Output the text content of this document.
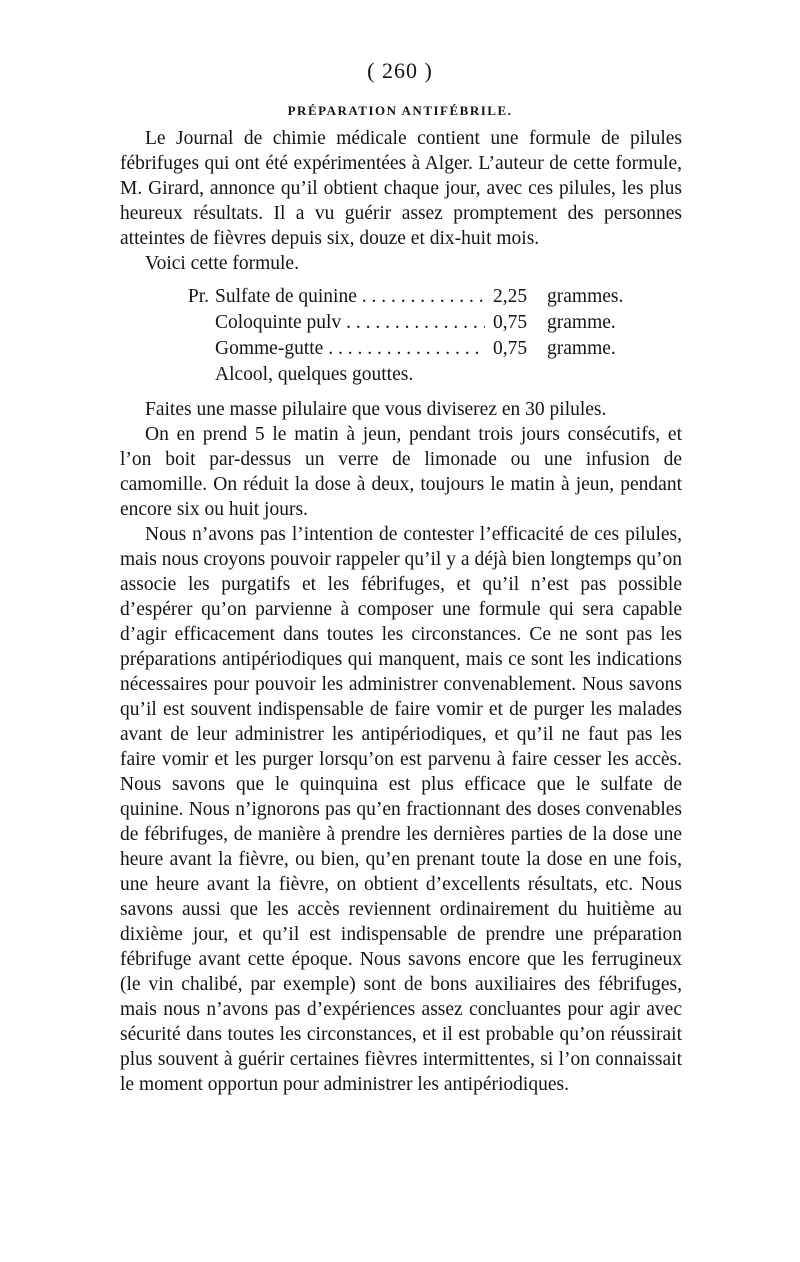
( 260 )
PRÉPARATION ANTIFÉBRILE.

Le Journal de chimie médicale contient une formule de pilules fébrifuges qui ont été expérimentées à Alger. L’auteur de cette formule, M. Girard, annonce qu’il obtient chaque jour, avec ces pilules, les plus heureux résultats. Il a vu guérir assez promptement des personnes atteintes de fièvres depuis six, douze et dix-huit mois.

Voici cette formule.

Pr. Sulfate de quinine . . .	2,25	grammes.
Coloquinte pulv . . .	0,75	gramme.
Gomme-gutte . . .	0,75	gramme.
Alcool, quelques gouttes.

Faites une masse pilulaire que vous diviserez en 30 pilules.

On en prend 5 le matin à jeun, pendant trois jours consécutifs, et l’on boit par-dessus un verre de limonade ou une infusion de camomille. On réduit la dose à deux, toujours le matin à jeun, pendant encore six ou huit jours.

Nous n’avons pas l’intention de contester l’efficacité de ces pilules, mais nous croyons pouvoir rappeler qu’il y a déjà bien longtemps qu’on associe les purgatifs et les fébrifuges, et qu’il n’est pas possible d’espérer qu’on parvienne à composer une formule qui sera capable d’agir efficacement dans toutes les circonstances. Ce ne sont pas les préparations antipériodiques qui manquent, mais ce sont les indications nécessaires pour pouvoir les administrer convenablement. Nous savons qu’il est souvent indispensable de faire vomir et de purger les malades avant de leur administrer les antipériodiques, et qu’il ne faut pas les faire vomir et les purger lorsqu’on est parvenu à faire cesser les accès. Nous savons que le quinquina est plus efficace que le sulfate de quinine. Nous n’ignorons pas qu’en fractionnant des doses convenables de fébrifuges, de manière à prendre les dernières parties de la dose une heure avant la fièvre, ou bien, qu’en prenant toute la dose en une fois, une heure avant la fièvre, on obtient d’excellents résultats, etc. Nous savons aussi que les accès reviennent ordinairement du huitième au dixième jour, et qu’il est indispensable de prendre une préparation fébrifuge avant cette époque. Nous savons encore que les ferrugineux (le vin chalibé, par exemple) sont de bons auxiliaires des fébrifuges, mais nous n’avons pas d’expériences assez concluantes pour agir avec sécurité dans toutes les circonstances, et il est probable qu’on réussirait plus souvent à guérir certaines fièvres intermittentes, si l’on connaissait le moment opportun pour administrer les antipériodiques.
